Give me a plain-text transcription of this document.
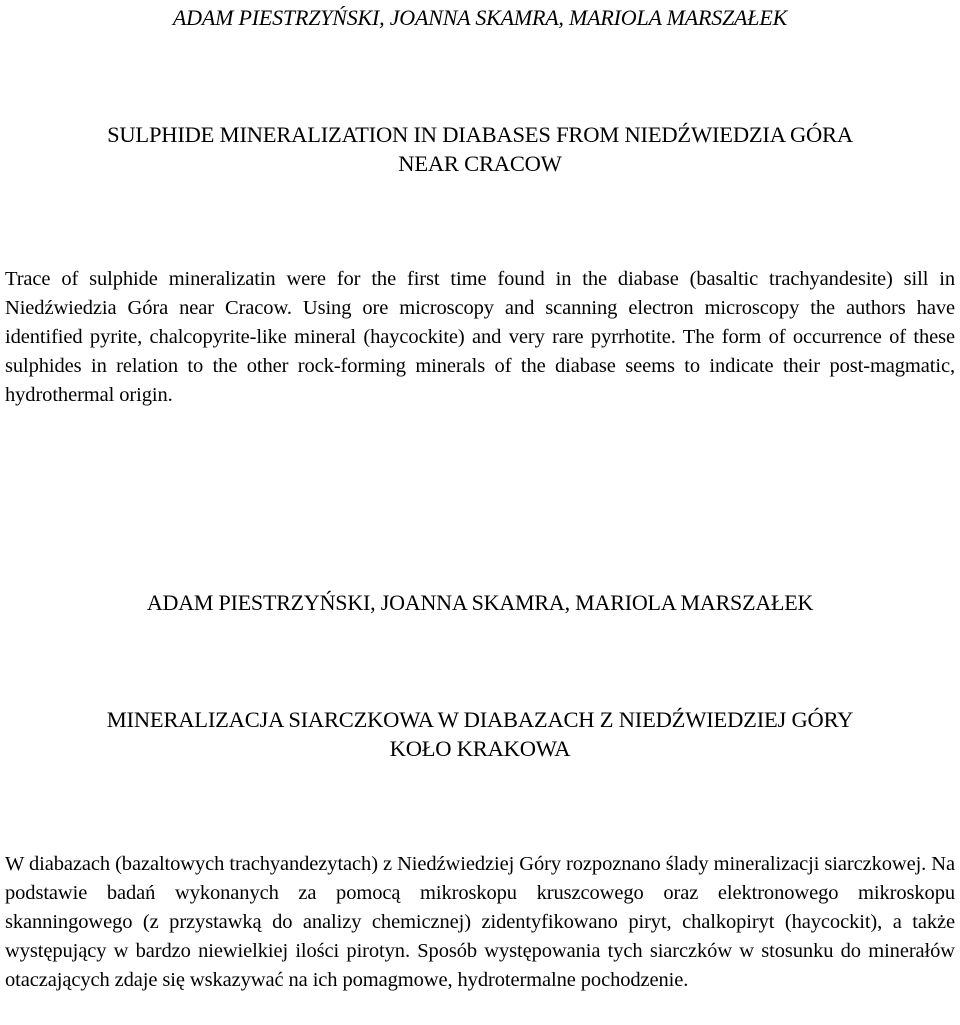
ADAM PIESTRZYŃSKI, JOANNA SKAMRA, MARIOLA MARSZAŁEK
SULPHIDE MINERALIZATION IN DIABASES FROM NIEDŹWIEDZIA GÓRA
NEAR CRACOW
Trace of sulphide mineralizatin were for the first time found in the diabase (basaltic trachyandesite) sill in Niedźwiedzia Góra near Cracow. Using ore microscopy and scanning electron microscopy the authors have identified pyrite, chalcopyrite-like mineral (haycockite) and very rare pyrrhotite. The form of occurrence of these sulphides in relation to the other rock-forming minerals of the diabase seems to indicate their post-magmatic, hydrothermal origin.
ADAM PIESTRZYŃSKI, JOANNA SKAMRA, MARIOLA MARSZAŁEK
MINERALIZACJA SIARCZKOWA W DIABAZACH Z NIEDŹWIEDZIEJ GÓRY
KOŁO KRAKOWA
W diabazach (bazaltowych trachyandezytach) z Niedźwiedziej Góry rozpoznano ślady mineralizacji siarczkowej. Na podstawie badań wykonanych za pomocą mikroskopu kruszcowego oraz elektronowego mikroskopu skanningowego (z przystawką do analizy chemicznej) zidentyfikowano piryt, chalkopiryt (haycockit), a także występujący w bardzo niewielkiej ilości pirotyn. Sposób występowania tych siarczków w stosunku do minerałów otaczających zdaje się wskazywać na ich pomagmowe, hydrotermalne pochodzenie.
